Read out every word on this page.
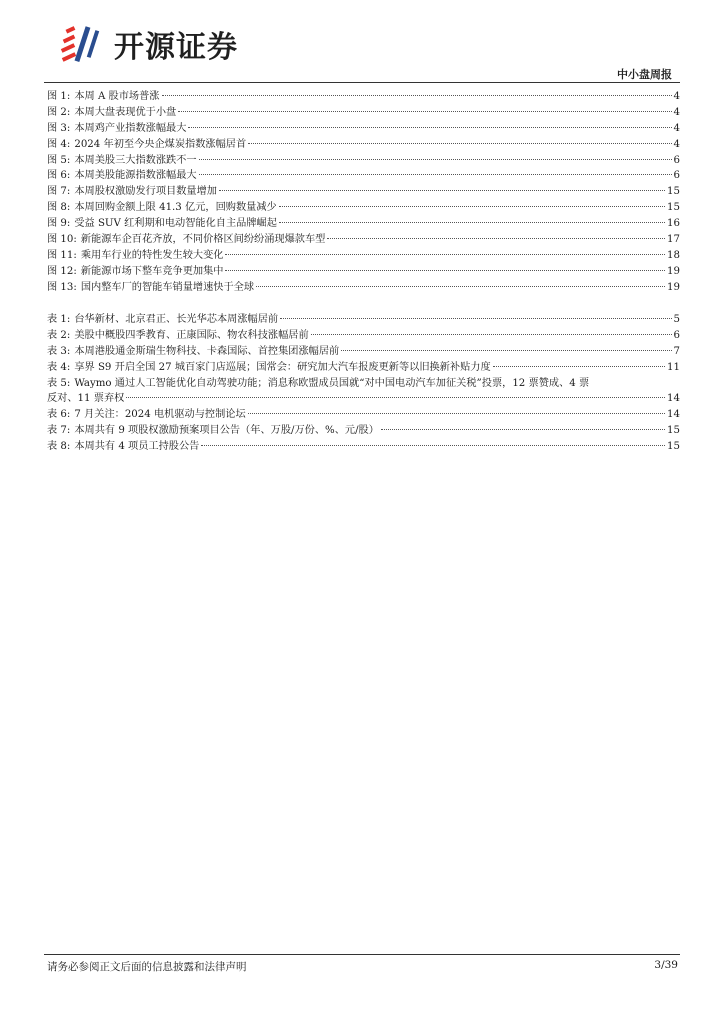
开源证券
中小盘周报
图 1: 本周 A 股市场普涨	4
图 2: 本周大盘表现优于小盘	4
图 3: 本周鸡产业指数涨幅最大	4
图 4: 2024 年初至今央企煤炭指数涨幅居首	4
图 5: 本周美股三大指数涨跌不一	6
图 6: 本周美股能源指数涨幅最大	6
图 7: 本周股权激励发行项目数量增加	15
图 8: 本周回购金额上限 41.3 亿元，回购数量减少	15
图 9: 受益 SUV 红利期和电动智能化自主品牌崛起	16
图 10: 新能源车企百花齐放，不同价格区间纷纷涌现爆款车型	17
图 11: 乘用车行业的特性发生较大变化	18
图 12: 新能源市场下整车竞争更加集中	19
图 13: 国内整车厂的智能车销量增速快于全球	19
表 1: 台华新材、北京君正、长光华芯本周涨幅居前	5
表 2: 美股中概股四季教育、正康国际、物农科技涨幅居前	6
表 3: 本周港股通金斯瑞生物科技、卡森国际、首控集团涨幅居前	7
表 4: 享界 S9 开启全国 27 城百家门店巡展；国常会：研究加大汽车报废更新等以旧换新补贴力度	11
表 5: Waymo 通过人工智能优化自动驾驶功能；消息称欧盟成员国就“对中国电动汽车加征关税”投票，12 票赞成、4 票
反对、11 票弃权	14
表 6: 7 月关注：2024 电机驱动与控制论坛	14
表 7: 本周共有 9 项股权激励预案项目公告（年、万股/万份、%、元/股）	15
表 8: 本周共有 4 项员工持股公告	15
请务必参阅正文后面的信息披露和法律声明	3/39
